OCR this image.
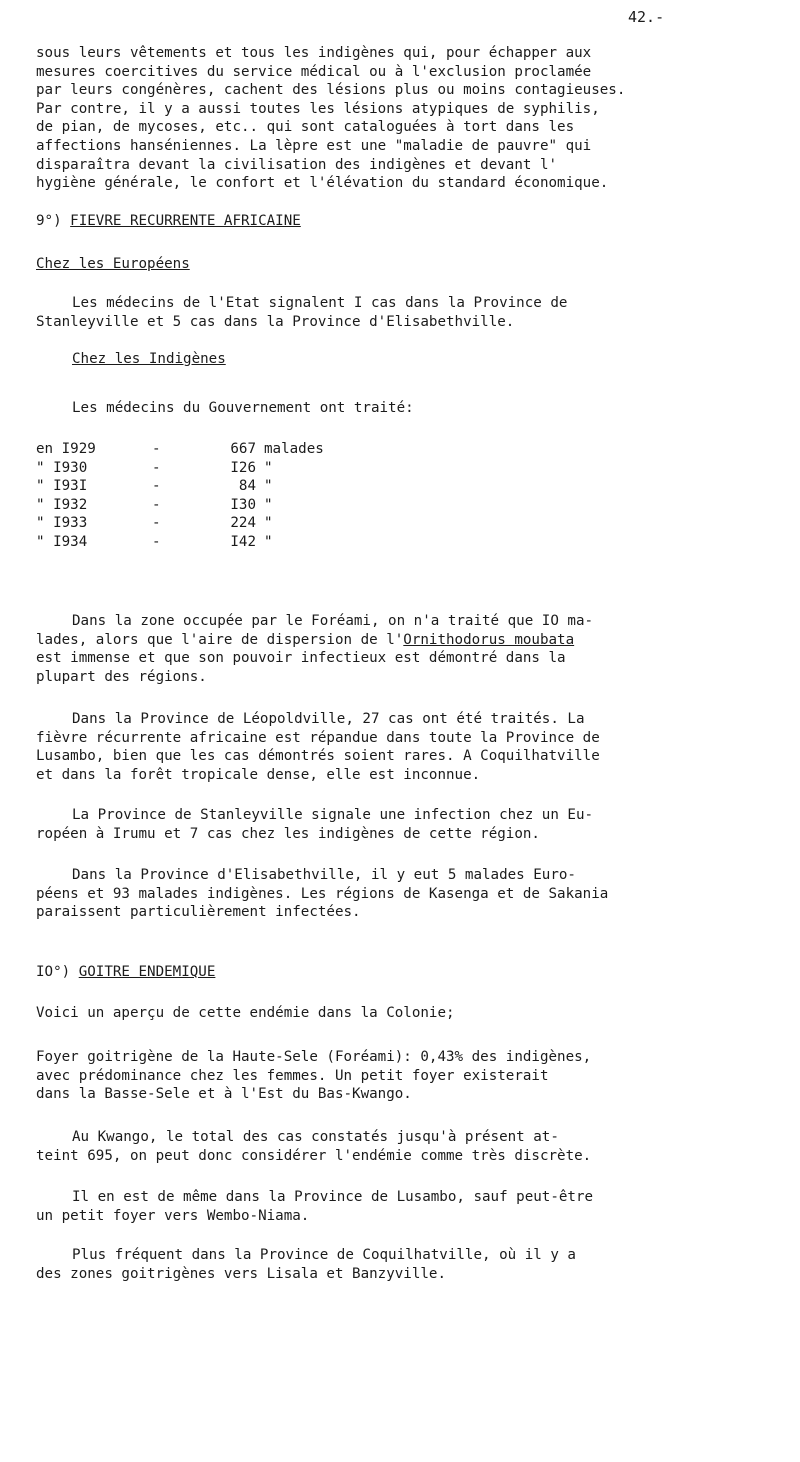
42.-
sous leurs vêtements et tous les indigènes qui, pour échapper aux
mesures coercitives du service médical ou à l'exclusion proclamée
par leurs congénères, cachent des lésions plus ou moins contagieuses.
Par contre, il y a aussi toutes les lésions atypiques de syphilis,
de pian, de mycoses, etc.. qui sont cataloguées à tort dans les
affections hanséniennes. La lèpre est une "maladie de pauvre" qui
disparaîtra devant la civilisation des indigènes et devant l'
hygiène générale, le confort et l'élévation du standard économique.
9°) FIEVRE RECURRENTE AFRICAINE
Chez les Européens
Les médecins de l'Etat signalent I cas dans la Province de
Stanleyville et 5 cas dans la Province d'Elisabethville.
Chez les Indigènes
Les médecins du Gouvernement ont traité:
en I929	-	667	malades
" I930	-	I26	"
" I93I	-	84	"
" I932	-	I30	"
" I933	-	224	"
" I934	-	I42	"
Dans la zone occupée par le Foréami, on n'a traité que IO ma-
lades, alors que l'aire de dispersion de l'Ornithodorus moubata
est immense et que son pouvoir infectieux est démontré dans la
plupart des régions.
Dans la Province de Léopoldville, 27 cas ont été traités. La
fièvre récurrente africaine est répandue dans toute la Province de
Lusambo, bien que les cas démontrés soient rares. A Coquilhatville
et dans la forêt tropicale dense, elle est inconnue.
La Province de Stanleyville signale une infection chez un Eu-
ropéen à Irumu et 7 cas chez les indigènes de cette région.
Dans la Province d'Elisabethville, il y eut 5 malades Euro-
péens et 93 malades indigènes. Les régions de Kasenga et de Sakania
paraissent particulièrement infectées.
IO°) GOITRE ENDEMIQUE
Voici un aperçu de cette endémie dans la Colonie;
Foyer goitrigène de la Haute-Sele (Foréami): 0,43% des indigènes,
avec prédominance chez les femmes. Un petit foyer existerait
dans la Basse-Sele et à l'Est du Bas-Kwango.
Au Kwango, le total des cas constatés jusqu'à présent at-
teint 695, on peut donc considérer l'endémie comme très discrète.
Il en est de même dans la Province de Lusambo, sauf peut-être
un petit foyer vers Wembo-Niama.
Plus fréquent dans la Province de Coquilhatville, où il y a
des zones goitrigènes vers Lisala et Banzyville.
